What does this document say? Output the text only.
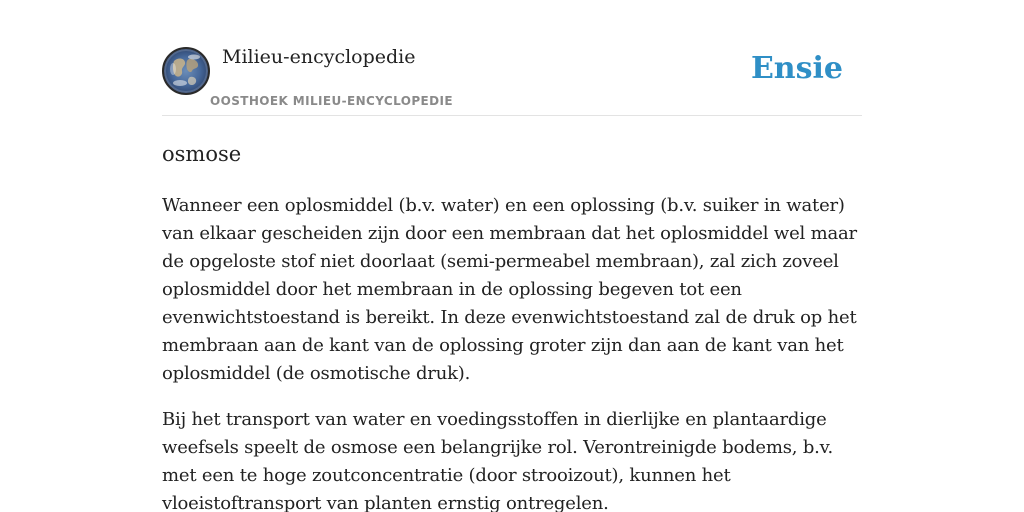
Milieu-encyclopedie
OOSTHOEK MILIEU-ENCYCLOPEDIE
Ensie
osmose

Wanneer een oplosmiddel (b.v. water) en een oplossing (b.v. suiker in water) van elkaar gescheiden zijn door een membraan dat het oplosmiddel wel maar de opgeloste stof niet doorlaat (semi-permeabel membraan), zal zich zoveel oplosmiddel door het membraan in de oplossing begeven tot een evenwichtstoestand is bereikt. In deze evenwichtstoestand zal de druk op het membraan aan de kant van de oplossing groter zijn dan aan de kant van het oplosmiddel (de osmotische druk).

Bij het transport van water en voedingsstoffen in dierlijke en plantaardige weefsels speelt de osmose een belangrijke rol. Verontreinigde bodems, b.v. met een te hoge zoutconcentratie (door strooizout), kunnen het vloeistoftransport van planten ernstig ontregelen.
